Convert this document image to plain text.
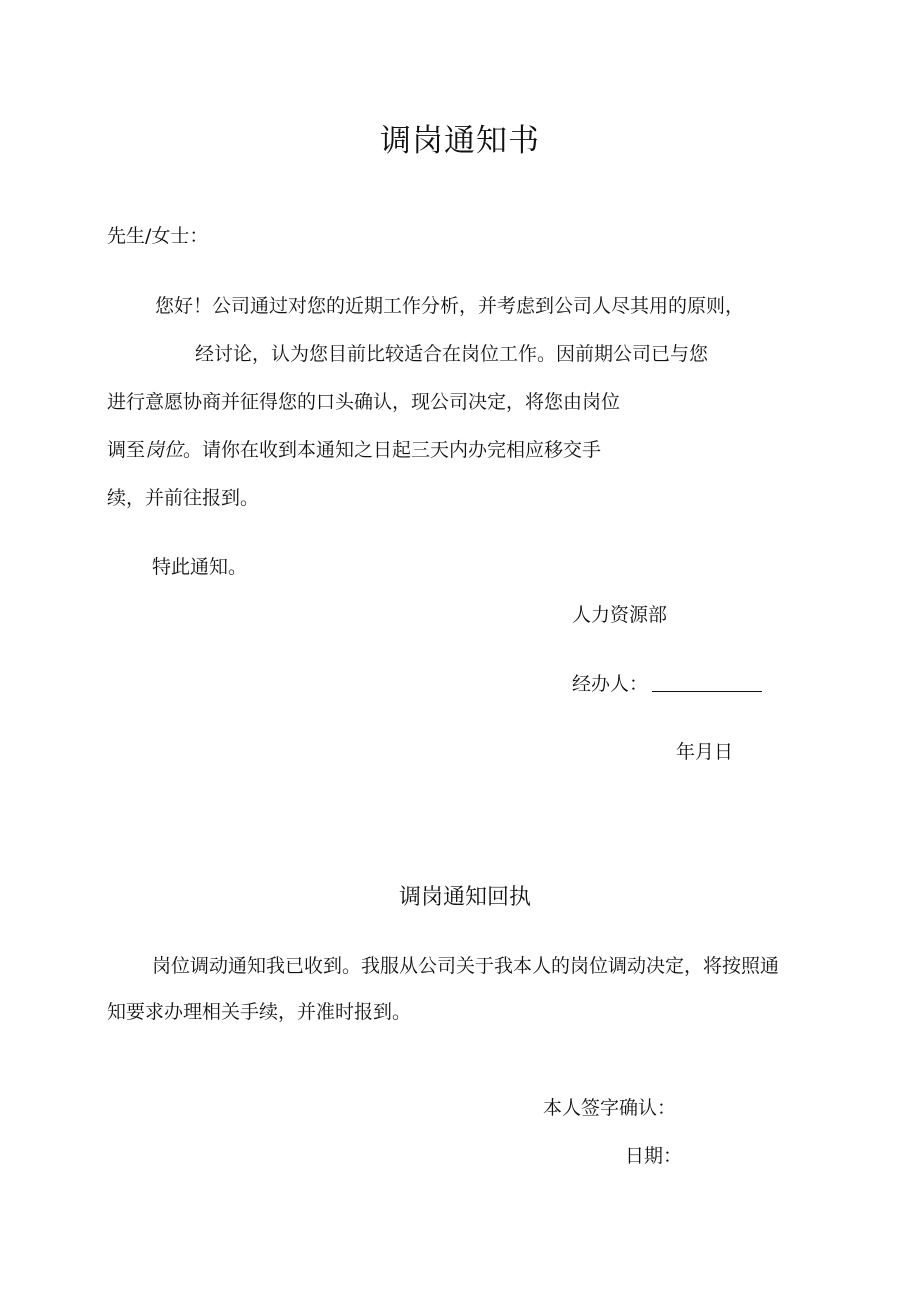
调岗通知书
先生/女士：
您好！公司通过对您的近期工作分析，并考虑到公司人尽其用的原则，
经讨论，认为您目前比较适合在岗位工作。因前期公司已与您
进行意愿协商并征得您的口头确认，现公司决定，将您由岗位
调至岗位。请你在收到本通知之日起三天内办完相应移交手
续，并前往报到。
特此通知。
人力资源部
经办人：
年月日
调岗通知回执
岗位调动通知我已收到。我服从公司关于我本人的岗位调动决定，将按照通
知要求办理相关手续，并准时报到。
本人签字确认：
日期：
